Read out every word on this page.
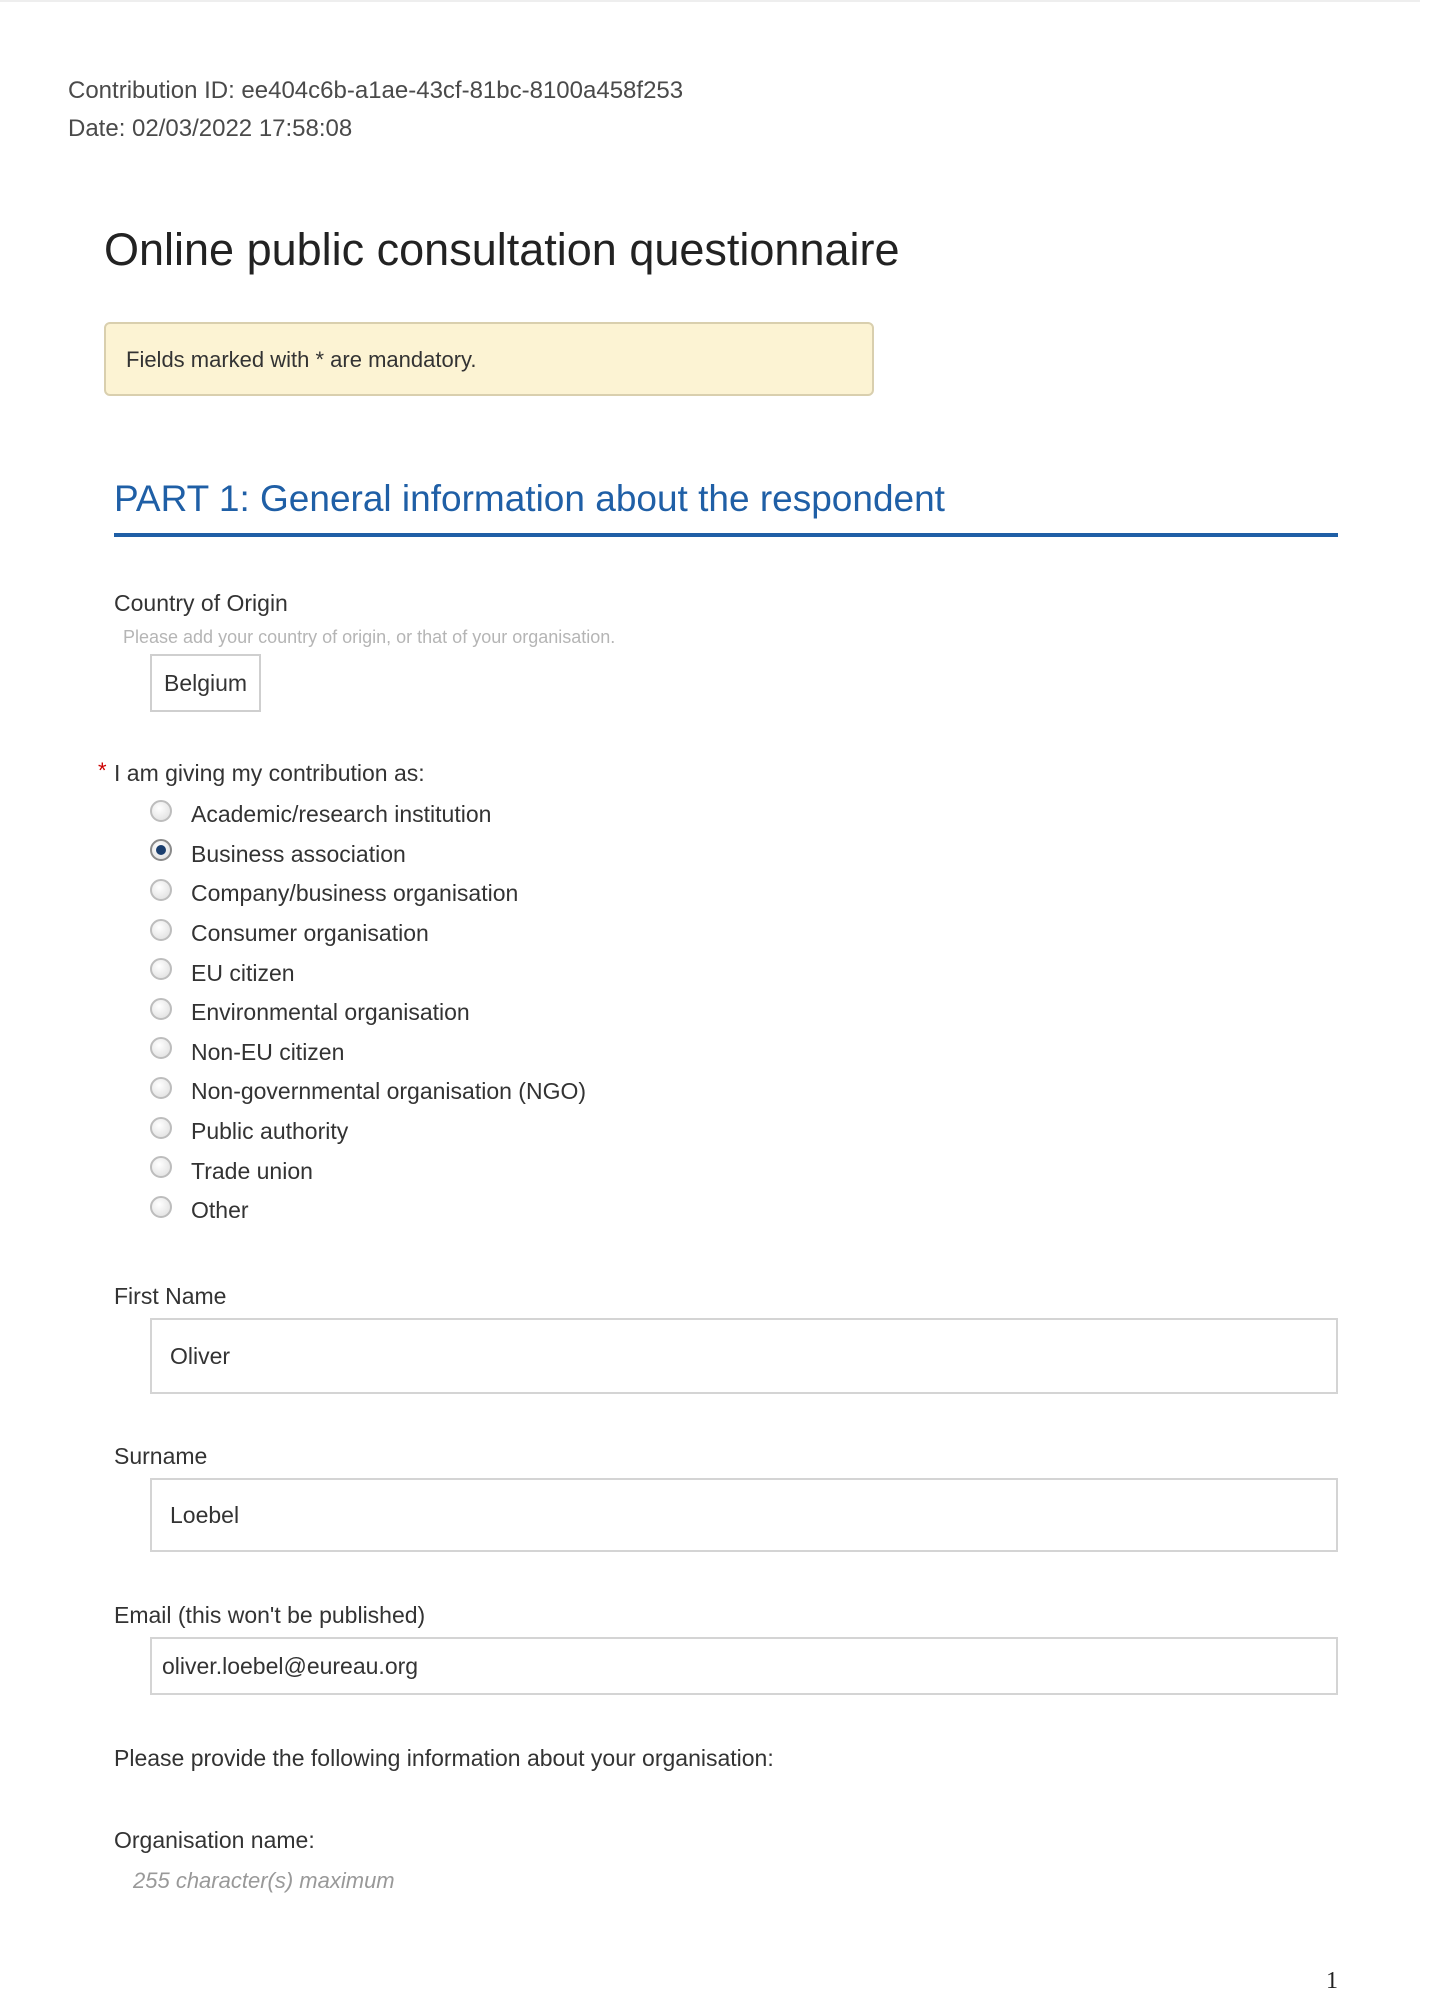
Contribution ID: ee404c6b-a1ae-43cf-81bc-8100a458f253
Date: 02/03/2022 17:58:08
Online public consultation questionnaire
Fields marked with * are mandatory.
PART 1: General information about the respondent
Country of Origin
Please add your country of origin, or that of your organisation.
Belgium
* I am giving my contribution as:
Academic/research institution
Business association
Company/business organisation
Consumer organisation
EU citizen
Environmental organisation
Non-EU citizen
Non-governmental organisation (NGO)
Public authority
Trade union
Other
First Name
Oliver
Surname
Loebel
Email (this won't be published)
oliver.loebel@eureau.org
Please provide the following information about your organisation:
Organisation name:
255 character(s) maximum
1
